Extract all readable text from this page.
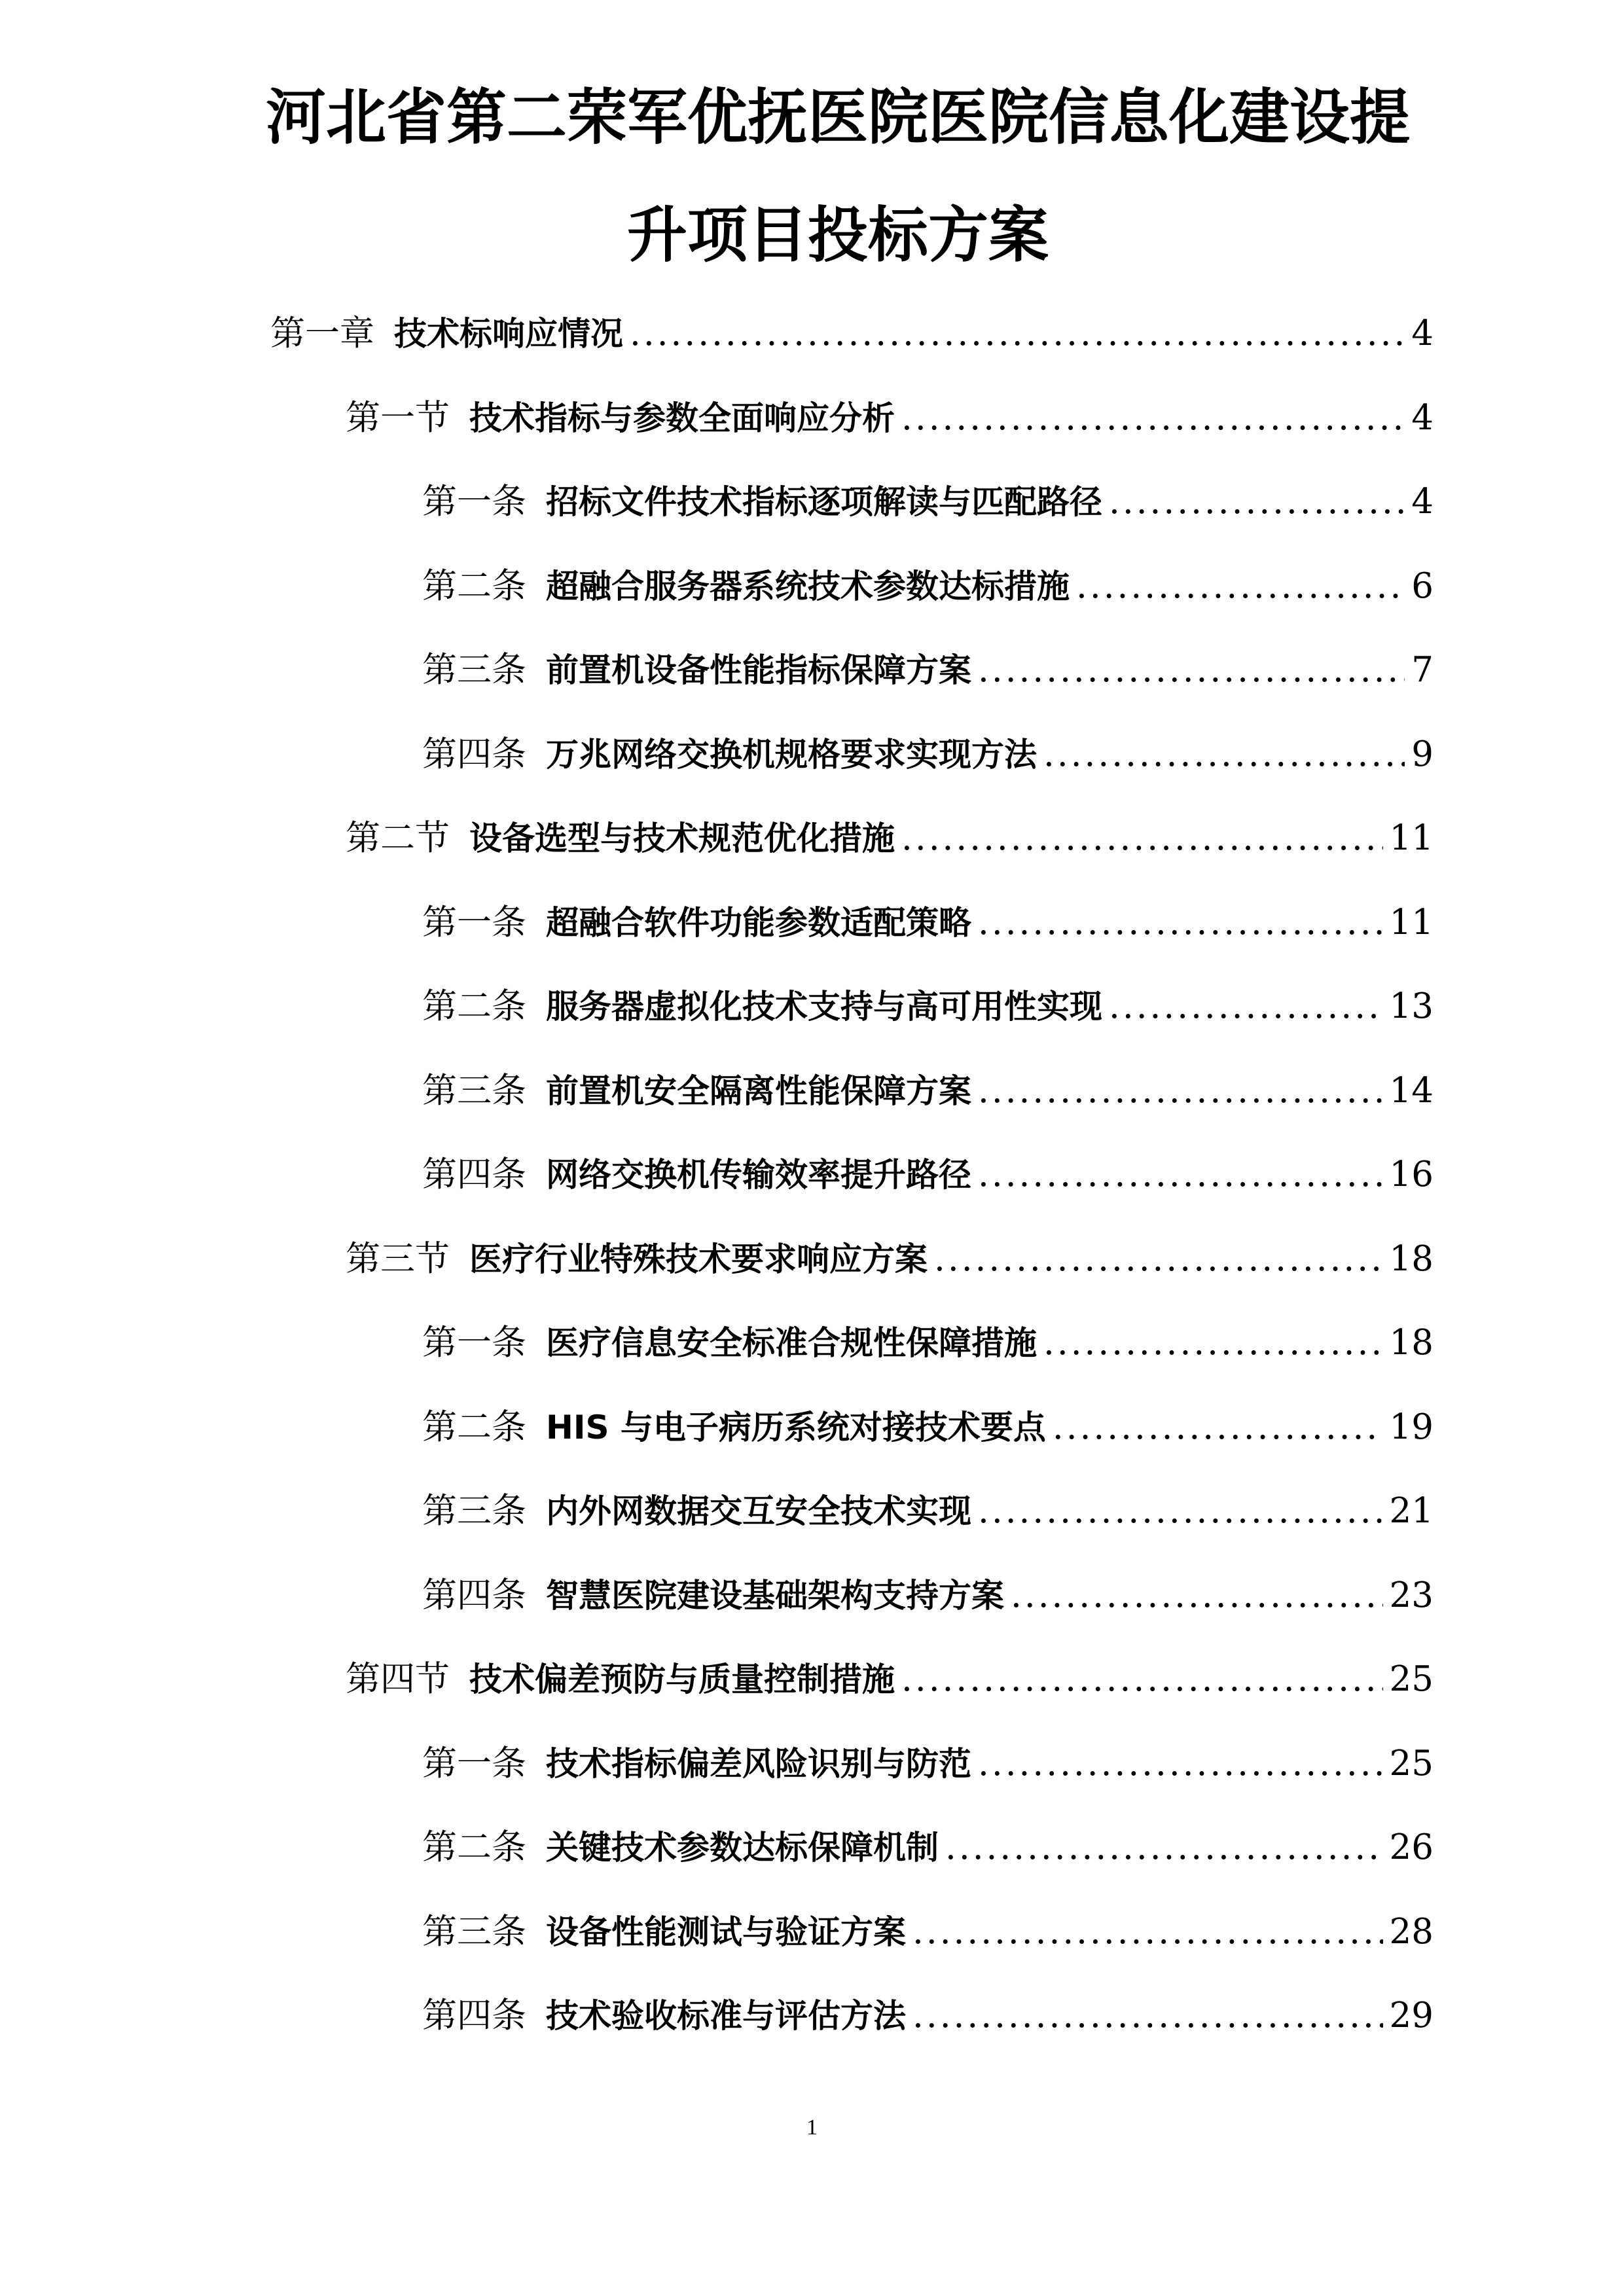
河北省第二荣军优抚医院医院信息化建设提
升项目投标方案
第一章 技术标响应情况 .....	4
第一节 技术指标与参数全面响应分析 .....	4
第一条 招标文件技术指标逐项解读与匹配路径 .....	4
第二条 超融合服务器系统技术参数达标措施 .....	6
第三条 前置机设备性能指标保障方案 .....	7
第四条 万兆网络交换机规格要求实现方法 .....	9
第二节 设备选型与技术规范优化措施 .....	11
第一条 超融合软件功能参数适配策略 .....	11
第二条 服务器虚拟化技术支持与高可用性实现 .....	13
第三条 前置机安全隔离性能保障方案 .....	14
第四条 网络交换机传输效率提升路径 .....	16
第三节 医疗行业特殊技术要求响应方案 .....	18
第一条 医疗信息安全标准合规性保障措施 .....	18
第二条 HIS 与电子病历系统对接技术要点 .....	19
第三条 内外网数据交互安全技术实现 .....	21
第四条 智慧医院建设基础架构支持方案 .....	23
第四节 技术偏差预防与质量控制措施 .....	25
第一条 技术指标偏差风险识别与防范 .....	25
第二条 关键技术参数达标保障机制 .....	26
第三条 设备性能测试与验证方案 .....	28
第四条 技术验收标准与评估方法 .....	29
1
